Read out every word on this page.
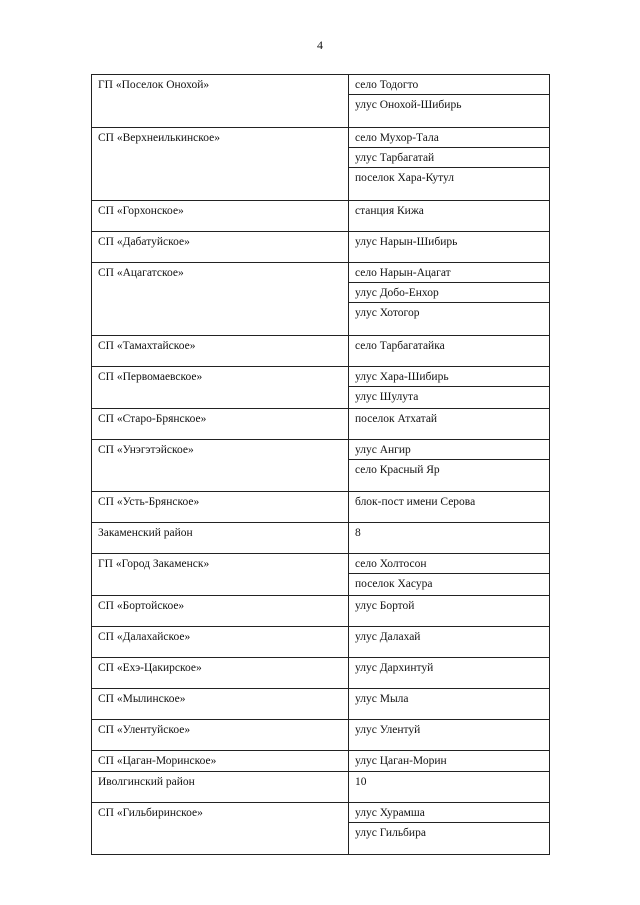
4
ГП «Поселок Онохой»	село Тодогто
улус Онохой-Шибирь
СП «Верхнеилькинское»	село Мухор-Тала
улус Тарбагатай
поселок Хара-Кутул
СП «Горхонское»	станция Кижа
СП «Дабатуйское»	улус Нарын-Шибирь
СП «Ацагатское»	село Нарын-Ацагат
улус Добо-Енхор
улус Хотогор
СП «Тамахтайское»	село Тарбагатайка
СП «Первомаевское»	улус Хара-Шибирь
улус Шулута
СП «Старо-Брянское»	поселок Атхатай
СП «Унэгэтэйское»	улус Ангир
село Красный Яр
СП «Усть-Брянское»	блок-пост имени Серова
Закаменский район	8
ГП «Город Закаменск»	село Холтосон
поселок Хасура
СП «Бортойское»	улус Бортой
СП «Далахайское»	улус Далахай
СП «Ехэ-Цакирское»	улус Дархинтуй
СП «Мылинское»	улус Мыла
СП «Улентуйское»	улус Улентуй
СП «Цаган-Моринское»	улус Цаган-Морин
Иволгинский район	10
СП «Гильбиринское»	улус Хурамша
улус Гильбира
